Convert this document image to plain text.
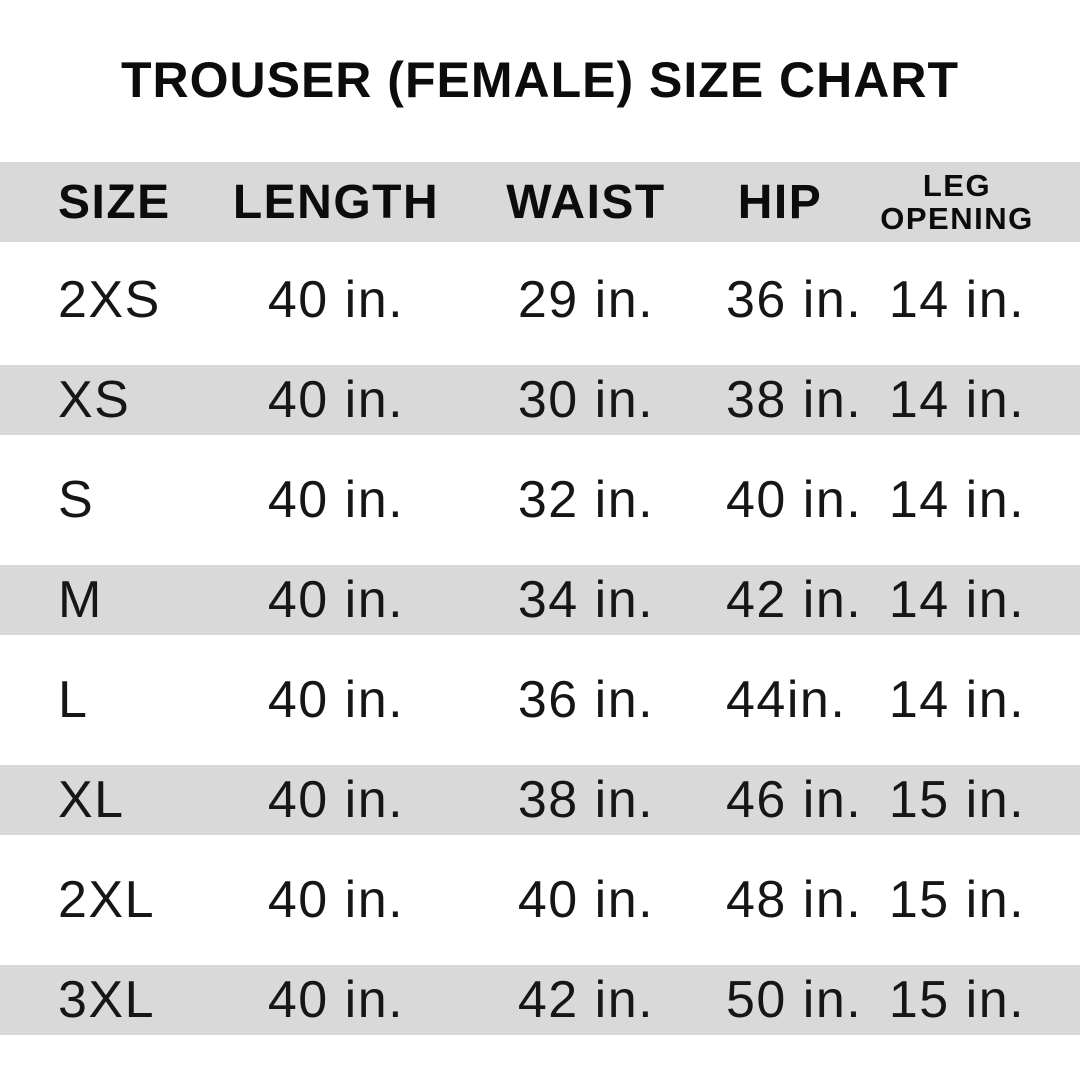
TROUSER (FEMALE) SIZE CHART
SIZE	LENGTH	WAIST	HIP	LEG
OPENING
2XS	40 in.	29 in.	36 in. 14 in.
XS	40 in.	30 in.	38 in. 14 in.
S	40 in.	32 in.	40 in. 14 in.
M	40 in.	34 in.	42 in. 14 in.
L	40 in.	36 in.	44in. 14 in.
XL	40 in.	38 in.	46 in. 15 in.
2XL	40 in.	40 in.	48 in. 15 in.
3XL	40 in.	42 in.	50 in. 15 in.
